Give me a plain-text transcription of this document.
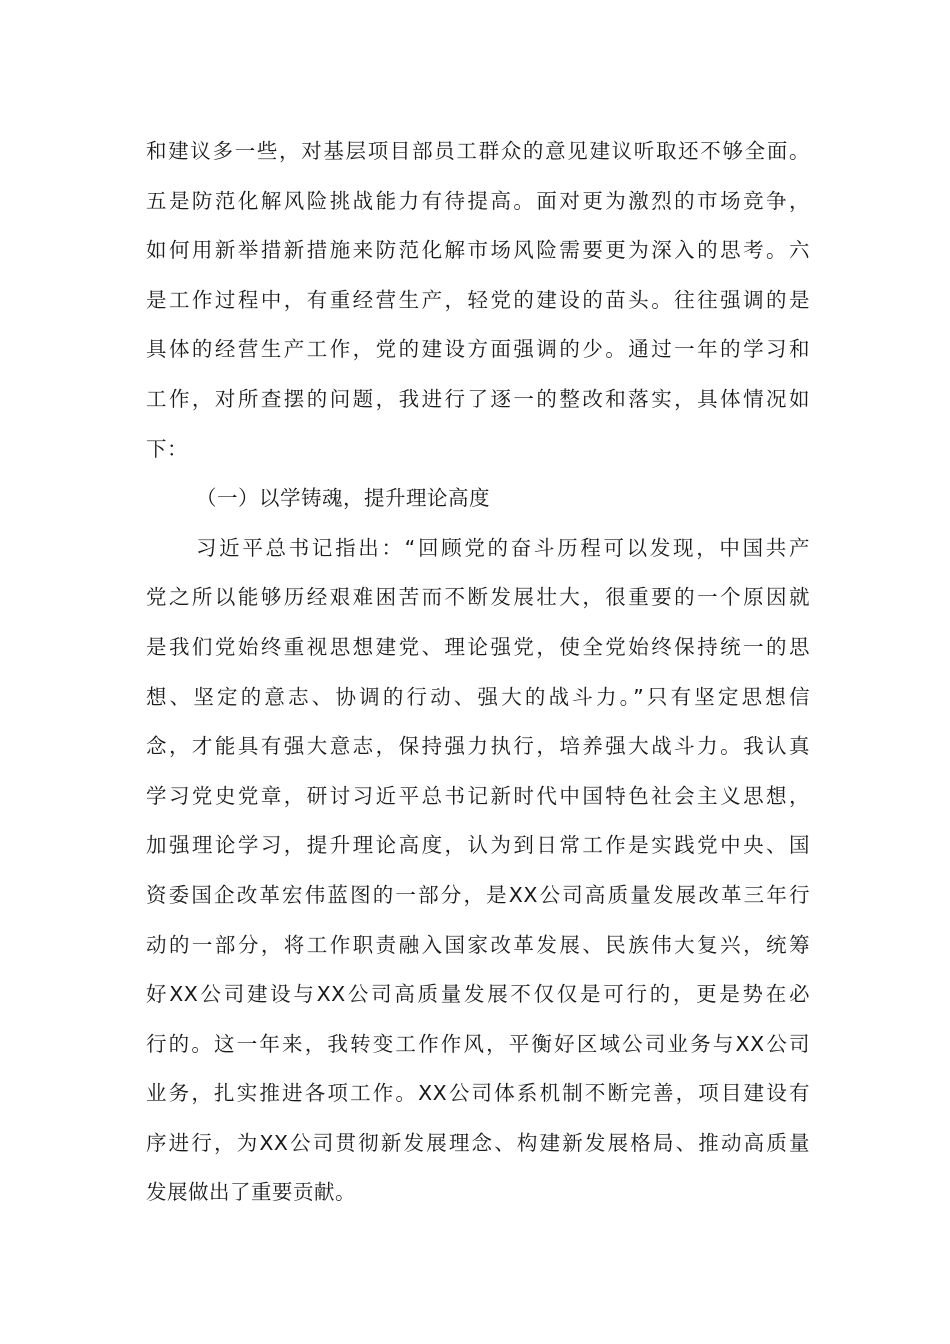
和建议多一些，对基层项目部员工群众的意见建议听取还不够全面。
五是防范化解风险挑战能力有待提高。面对更为激烈的市场竞争，
如何用新举措新措施来防范化解市场风险需要更为深入的思考。六
是工作过程中，有重经营生产，轻党的建设的苗头。往往强调的是
具体的经营生产工作，党的建设方面强调的少。通过一年的学习和
工作，对所查摆的问题，我进行了逐一的整改和落实，具体情况如
下：
（一）以学铸魂，提升理论高度
习近平总书记指出：“回顾党的奋斗历程可以发现，中国共产
党之所以能够历经艰难困苦而不断发展壮大，很重要的一个原因就
是我们党始终重视思想建党、理论强党，使全党始终保持统一的思
想、坚定的意志、协调的行动、强大的战斗力。”只有坚定思想信
念，才能具有强大意志，保持强力执行，培养强大战斗力。我认真
学习党史党章，研讨习近平总书记新时代中国特色社会主义思想，
加强理论学习，提升理论高度，认为到日常工作是实践党中央、国
资委国企改革宏伟蓝图的一部分，是XX公司高质量发展改革三年行
动的一部分，将工作职责融入国家改革发展、民族伟大复兴，统筹
好XX公司建设与XX公司高质量发展不仅仅是可行的，更是势在必
行的。这一年来，我转变工作作风，平衡好区域公司业务与XX公司
业务，扎实推进各项工作。XX公司体系机制不断完善，项目建设有
序进行，为XX公司贯彻新发展理念、构建新发展格局、推动高质量
发展做出了重要贡献。
